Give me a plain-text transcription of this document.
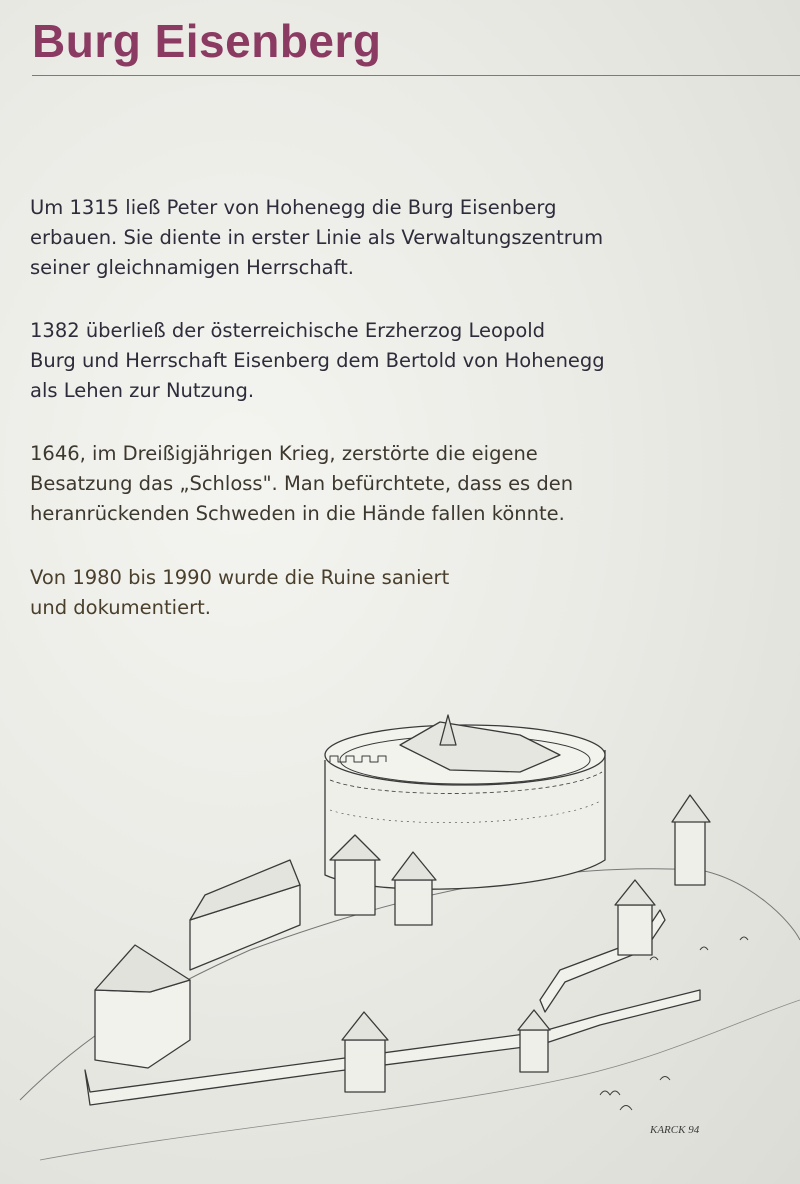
Burg Eisenberg

Um 1315 ließ Peter von Hohenegg die Burg Eisenberg
erbauen. Sie diente in erster Linie als Verwaltungszentrum
seiner gleichnamigen Herrschaft.

1382 überließ der österreichische Erzherzog Leopold
Burg und Herrschaft Eisenberg dem Bertold von Hohenegg
als Lehen zur Nutzung.

1646, im Dreißigjährigen Krieg, zerstörte die eigene
Besatzung das „Schloss". Man befürchtete, dass es den
heranrückenden Schweden in die Hände fallen könnte.

Von 1980 bis 1990 wurde die Ruine saniert
und dokumentiert.

KARCK 94
